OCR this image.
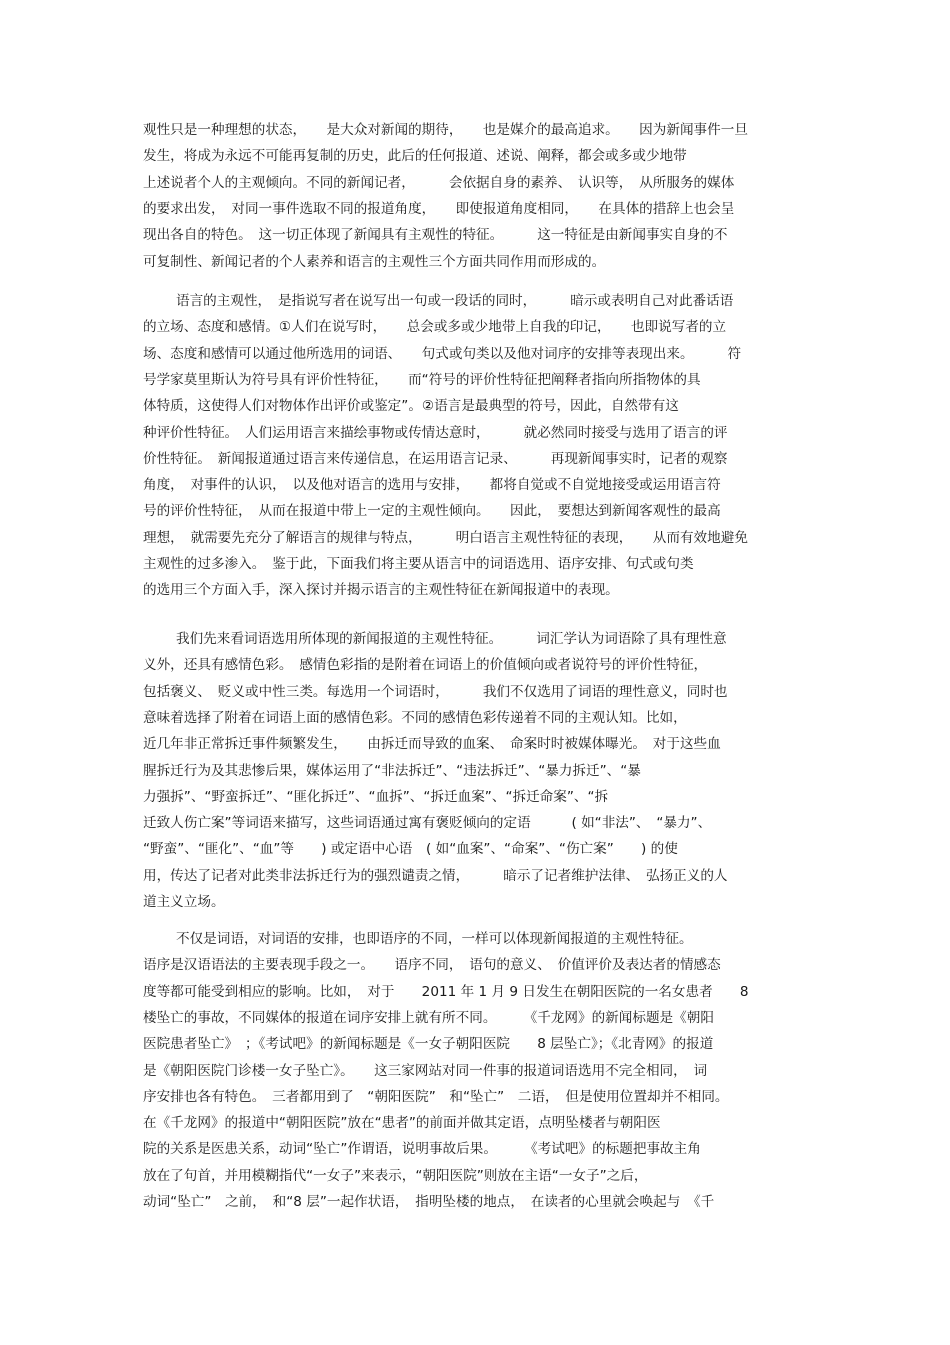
观性只是一种理想的状态，　　是大众对新闻的期待，　　也是媒介的最高追求。　　因为新闻事件一旦
发生，将成为永远不可能再复制的历史，此后的任何报道、述说、阐释，都会或多或少地带
上述说者个人的主观倾向。不同的新闻记者，　　　会依据自身的素养、　认识等，　从所服务的媒体
的要求出发，　对同一事件选取不同的报道角度，　　即使报道角度相同，　　在具体的措辞上也会呈
现出各自的特色。　这一切正体现了新闻具有主观性的特征。　　　这一特征是由新闻事实自身的不
可复制性、新闻记者的个人素养和语言的主观性三个方面共同作用而形成的。
语言的主观性，　是指说写者在说写出一句或一段话的同时，　　　暗示或表明自己对此番话语
的立场、态度和感情。①人们在说写时，　　总会或多或少地带上自我的印记，　　也即说写者的立
场、态度和感情可以通过他所选用的词语、　　句式或句类以及他对词序的安排等表现出来。　　　符
号学家莫里斯认为符号具有评价性特征，　　而“符号的评价性特征把阐释者指向所指物体的具
体特质，这使得人们对物体作出评价或鉴定”。②语言是最典型的符号，因此，自然带有这
种评价性特征。　人们运用语言来描绘事物或传情达意时，　　　就必然同时接受与选用了语言的评
价性特征。　新闻报道通过语言来传递信息，在运用语言记录、　　　再现新闻事实时，记者的观察
角度，　对事件的认识，　以及他对语言的选用与安排，　　都将自觉或不自觉地接受或运用语言符
号的评价性特征，　从而在报道中带上一定的主观性倾向。　　因此，　要想达到新闻客观性的最高
理想，　就需要先充分了解语言的规律与特点，　　　明白语言主观性特征的表现，　　从而有效地避免
主观性的过多渗入。　鉴于此，下面我们将主要从语言中的词语选用、语序安排、句式或句类
的选用三个方面入手，深入探讨并揭示语言的主观性特征在新闻报道中的表现。
我们先来看词语选用所体现的新闻报道的主观性特征。　　　词汇学认为词语除了具有理性意
义外，还具有感情色彩。　感情色彩指的是附着在词语上的价值倾向或者说符号的评价性特征，
包括褒义、　贬义或中性三类。每选用一个词语时，　　　我们不仅选用了词语的理性意义，同时也
意味着选择了附着在词语上面的感情色彩。不同的感情色彩传递着不同的主观认知。比如，
近几年非正常拆迁事件频繁发生，　　由拆迁而导致的血案、　命案时时被媒体曝光。　对于这些血
腥拆迁行为及其悲惨后果，媒体运用了“非法拆迁”、“违法拆迁”、“暴力拆迁”、“暴
力强拆”、“野蛮拆迁”、“匪化拆迁”、“血拆”、“拆迁血案”、“拆迁命案”、“拆
迁致人伤亡案”等词语来描写，这些词语通过寓有褒贬倾向的定语　　　( 如“非法”、　“暴力”、
“野蛮”、“匪化”、“血”等　　) 或定语中心语　( 如“血案”、“命案”、“伤亡案”　　) 的使
用，传达了记者对此类非法拆迁行为的强烈谴责之情，　　　暗示了记者维护法律、　弘扬正义的人
道主义立场。
不仅是词语，对词语的安排，也即语序的不同，一样可以体现新闻报道的主观性特征。
语序是汉语语法的主要表现手段之一。　　语序不同，　语句的意义、　价值评价及表达者的情感态
度等都可能受到相应的影响。比如，　对于　　2011 年 1 月 9 日发生在朝阳医院的一名女患者　　8
楼坠亡的事故，不同媒体的报道在词序安排上就有所不同。　　　《千龙网》的新闻标题是《朝阳
医院患者坠亡》　；《考试吧》的新闻标题是《一女子朝阳医院　　8 层坠亡》；《北青网》的报道
是《朝阳医院门诊楼一女子坠亡》。　　这三家网站对同一件事的报道词语选用不完全相同，　词
序安排也各有特色。　三者都用到了　“朝阳医院”　和“坠亡”　二语，　但是使用位置却并不相同。
在《千龙网》的报道中“朝阳医院”放在“患者”的前面并做其定语，点明坠楼者与朝阳医
院的关系是医患关系，动词“坠亡”作谓语，说明事故后果。　　　《考试吧》的标题把事故主角
放在了句首，并用模糊指代“一女子”来表示，“朝阳医院”则放在主语“一女子”之后，
动词“坠亡”　之前，　和“8 层”一起作状语，　指明坠楼的地点，　在读者的心里就会唤起与　《千
